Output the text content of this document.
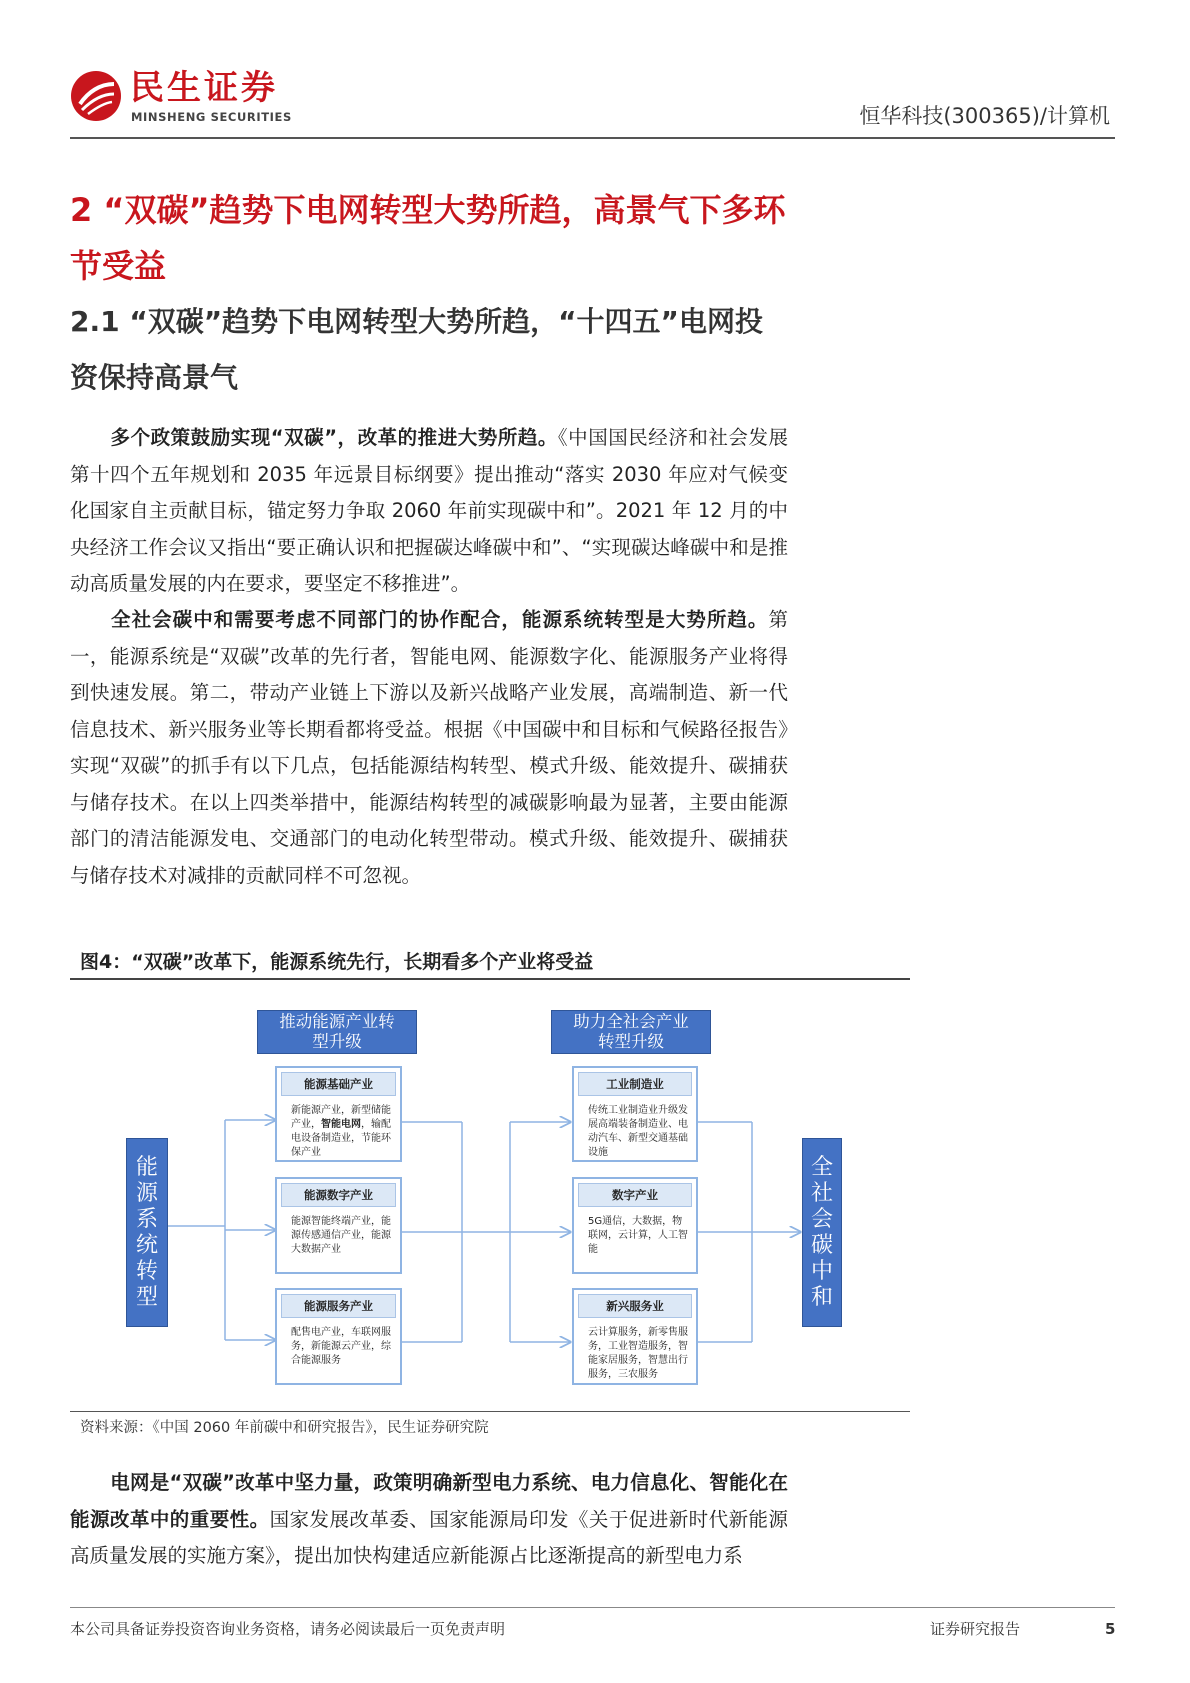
民生证券
MINSHENG SECURITIES	恒华科技(300365)/计算机
2 “双碳”趋势下电网转型大势所趋，高景气下多环
节受益
2.1 “双碳”趋势下电网转型大势所趋，“十四五”电网投
资保持高景气
多个政策鼓励实现“双碳”，改革的推进大势所趋。《中国国民经济和社会发展第十四个五年规划和 2035 年远景目标纲要》提出推动“落实 2030 年应对气候变化国家自主贡献目标，锚定努力争取 2060 年前实现碳中和”。2021 年 12 月的中央经济工作会议又指出“要正确认识和把握碳达峰碳中和”、“实现碳达峰碳中和是推动高质量发展的内在要求，要坚定不移推进”。
全社会碳中和需要考虑不同部门的协作配合，能源系统转型是大势所趋。第一，能源系统是“双碳”改革的先行者，智能电网、能源数字化、能源服务产业将得到快速发展。第二，带动产业链上下游以及新兴战略产业发展，高端制造、新一代信息技术、新兴服务业等长期看都将受益。根据《中国碳中和目标和气候路径报告》实现“双碳”的抓手有以下几点，包括能源结构转型、模式升级、能效提升、碳捕获与储存技术。在以上四类举措中，能源结构转型的减碳影响最为显著，主要由能源部门的清洁能源发电、交通部门的电动化转型带动。模式升级、能效提升、碳捕获与储存技术对减排的贡献同样不可忽视。
图4：“双碳”改革下，能源系统先行，长期看多个产业将受益
推动能源产业转型升级
助力全社会产业转型升级
能源系统转型
全社会碳中和
能源基础产业
新能源产业，新型储能产业，智能电网，输配电设备制造业，节能环保产业
能源数字产业
能源智能终端产业，能源传感通信产业，能源大数据产业
能源服务产业
配售电产业，车联网服务，新能源云产业，综合能源服务
工业制造业
传统工业制造业升级发展高端装备制造业、电动汽车、新型交通基础设施
数字产业
5G通信，大数据，物联网，云计算，人工智能
新兴服务业
云计算服务，新零售服务，工业智造服务，智能家居服务，智慧出行服务，三农服务
资料来源：《中国 2060 年前碳中和研究报告》，民生证券研究院
电网是“双碳”改革中坚力量，政策明确新型电力系统、电力信息化、智能化在能源改革中的重要性。国家发展改革委、国家能源局印发《关于促进新时代新能源高质量发展的实施方案》，提出加快构建适应新能源占比逐渐提高的新型电力系
本公司具备证券投资咨询业务资格，请务必阅读最后一页免责声明	证券研究报告	5
